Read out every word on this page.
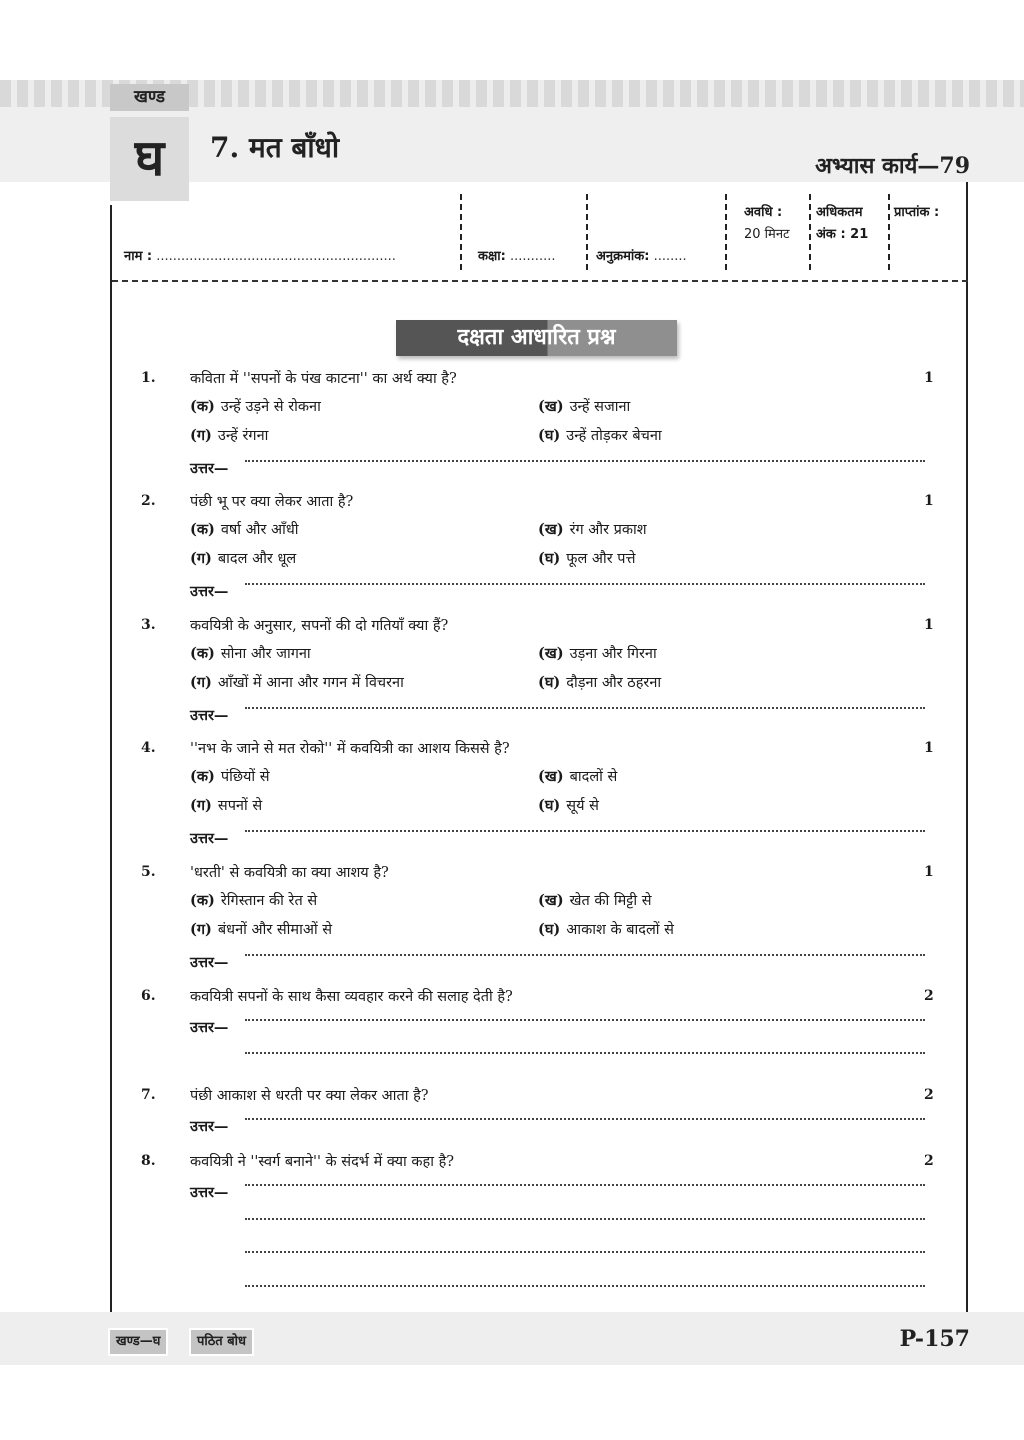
खण्ड
घ	7. मत बाँधो
अभ्यास कार्य—79
नाम : ..........................................................	कक्षा: ...........	अनुक्रमांक: ........
अवधि :
20 मिनट
अधिकतम
अंक : 21
प्राप्तांक :
दक्षता आधारित प्रश्न
1. कविता में ''सपनों के पंख काटना'' का अर्थ क्या है?	1
(क) उन्हें उड़ने से रोकना	(ख) उन्हें सजाना
(ग) उन्हें रंगना	(घ) उन्हें तोड़कर बेचना
उत्तर—
2. पंछी भू पर क्या लेकर आता है?	1
(क) वर्षा और आँधी	(ख) रंग और प्रकाश
(ग) बादल और धूल	(घ) फूल और पत्ते
उत्तर—
3. कवयित्री के अनुसार, सपनों की दो गतियाँ क्या हैं?	1
(क) सोना और जागना	(ख) उड़ना और गिरना
(ग) आँखों में आना और गगन में विचरना	(घ) दौड़ना और ठहरना
उत्तर—
4. ''नभ के जाने से मत रोको'' में कवयित्री का आशय किससे है?	1
(क) पंछियों से	(ख) बादलों से
(ग) सपनों से	(घ) सूर्य से
उत्तर—
5. 'धरती' से कवयित्री का क्या आशय है?	1
(क) रेगिस्तान की रेत से	(ख) खेत की मिट्टी से
(ग) बंधनों और सीमाओं से	(घ) आकाश के बादलों से
उत्तर—
6. कवयित्री सपनों के साथ कैसा व्यवहार करने की सलाह देती है?	2
उत्तर—
7. पंछी आकाश से धरती पर क्या लेकर आता है?	2
उत्तर—
8. कवयित्री ने ''स्वर्ग बनाने'' के संदर्भ में क्या कहा है?	2
उत्तर—
खण्ड—घ	पठित बोध	P-157
